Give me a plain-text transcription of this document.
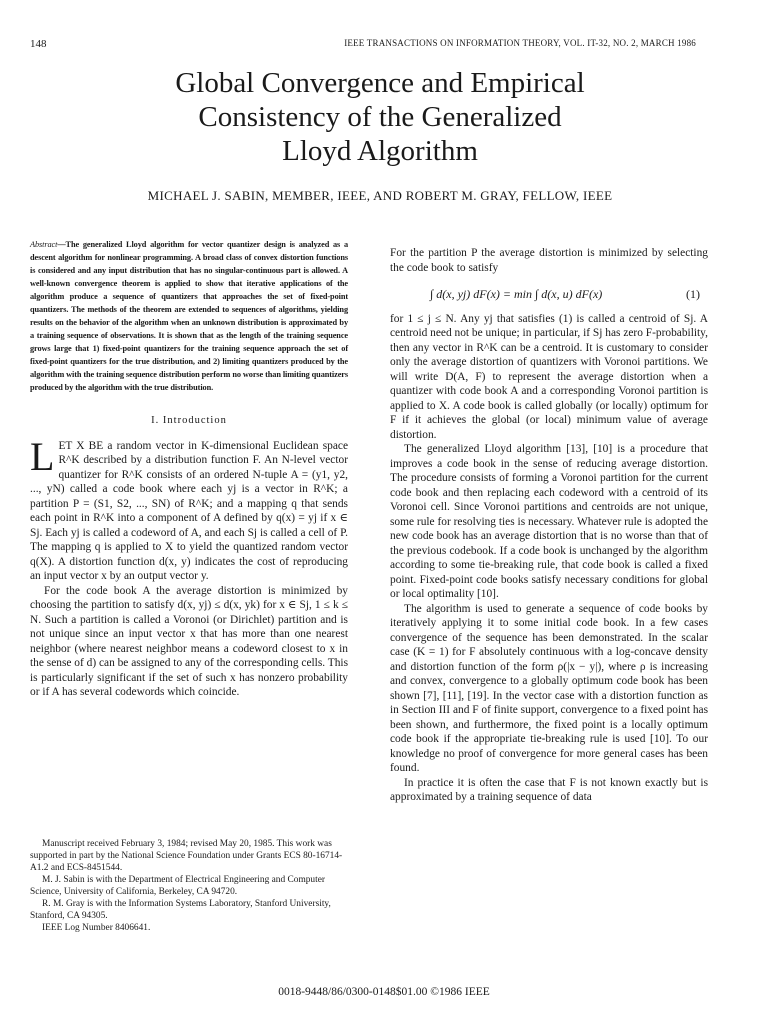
148	IEEE TRANSACTIONS ON INFORMATION THEORY, VOL. IT-32, NO. 2, MARCH 1986
Global Convergence and Empirical
Consistency of the Generalized
Lloyd Algorithm
MICHAEL J. SABIN, MEMBER, IEEE, AND ROBERT M. GRAY, FELLOW, IEEE
Abstract—The generalized Lloyd algorithm for vector quantizer design is analyzed as a descent algorithm for nonlinear programming. A broad class of convex distortion functions is considered and any input distribution that has no singular-continuous part is allowed. A well-known convergence theorem is applied to show that iterative applications of the algorithm produce a sequence of quantizers that approaches the set of fixed-point quantizers. The methods of the theorem are extended to sequences of algorithms, yielding results on the behavior of the algorithm when an unknown distribution is approximated by a training sequence of observations. It is shown that as the length of the training sequence grows large that 1) fixed-point quantizers for the training sequence approach the set of fixed-point quantizers for the true distribution, and 2) limiting quantizers produced by the algorithm with the training sequence distribution perform no worse than limiting quantizers produced by the algorithm with the true distribution.
I. Introduction

LET X BE a random vector in K-dimensional Euclidean space R^K described by a distribution function F. An N-level vector quantizer for R^K consists of an ordered N-tuple A = (y1, y2, ..., yN) called a code book where each yj is a vector in R^K; a partition P = (S1, S2, ..., SN) of R^K; and a mapping q that sends each point in R^K into a component of A defined by q(x) = yj if x ∈ Sj. Each yj is called a codeword of A, and each Sj is called a cell of P. The mapping q is applied to X to yield the quantized random vector q(X). A distortion function d(x, y) indicates the cost of reproducing an input vector x by an output vector y.

For the code book A the average distortion is minimized by choosing the partition to satisfy d(x, yj) ≤ d(x, yk) for x ∈ Sj, 1 ≤ k ≤ N. Such a partition is called a Voronoi (or Dirichlet) partition and is not unique since an input vector x that has more than one nearest neighbor (where nearest neighbor means a codeword closest to x in the sense of d) can be assigned to any of the corresponding cells. This is particularly significant if the set of such x has nonzero probability or if A has several codewords which coincide.

Manuscript received February 3, 1984; revised May 20, 1985. This work was supported in part by the National Science Foundation under Grants ECS 80-16714-A1.2 and ECS-8451544.

M. J. Sabin is with the Department of Electrical Engineering and Computer Science, University of California, Berkeley, CA 94720.

R. M. Gray is with the Information Systems Laboratory, Stanford University, Stanford, CA 94305.

IEEE Log Number 8406641.

For the partition P the average distortion is minimized by selecting the code book to satisfy

∫ d(x, yj) dF(x) = min ∫ d(x, u) dF(x)	(1)

for 1 ≤ j ≤ N. Any yj that satisfies (1) is called a centroid of Sj. A centroid need not be unique; in particular, if Sj has zero F-probability, then any vector in R^K can be a centroid. It is customary to consider only the average distortion of quantizers with Voronoi partitions. We will write D(A, F) to represent the average distortion when a quantizer with code book A and a corresponding Voronoi partition is applied to X. A code book is called globally (or locally) optimum for F if it achieves the global (or local) minimum value of average distortion.

The generalized Lloyd algorithm [13], [10] is a procedure that improves a code book in the sense of reducing average distortion. The procedure consists of forming a Voronoi partition for the current code book and then replacing each codeword with a centroid of its Voronoi cell. Since Voronoi partitions and centroids are not unique, some rule for resolving ties is necessary. Whatever rule is adopted the new code book has an average distortion that is no worse than that of the previous codebook. If a code book is unchanged by the algorithm according to some tie-breaking rule, that code book is called a fixed point. Fixed-point code books satisfy necessary conditions for global or local optimality [10].

The algorithm is used to generate a sequence of code books by iteratively applying it to some initial code book. In a few cases convergence of the sequence has been demonstrated. In the scalar case (K = 1) for F absolutely continuous with a log-concave density and distortion function of the form ρ(|x − y|), where ρ is increasing and convex, convergence to a globally optimum code book has been shown [7], [11], [19]. In the vector case with a distortion function as in Section III and F of finite support, convergence to a fixed point has been shown, and furthermore, the fixed point is a locally optimum code book if the appropriate tie-breaking rule is used [10]. To our knowledge no proof of convergence for more general cases has been found.

In practice it is often the case that F is not known exactly but is approximated by a training sequence of data

0018-9448/86/0300-0148$01.00 ©1986 IEEE
